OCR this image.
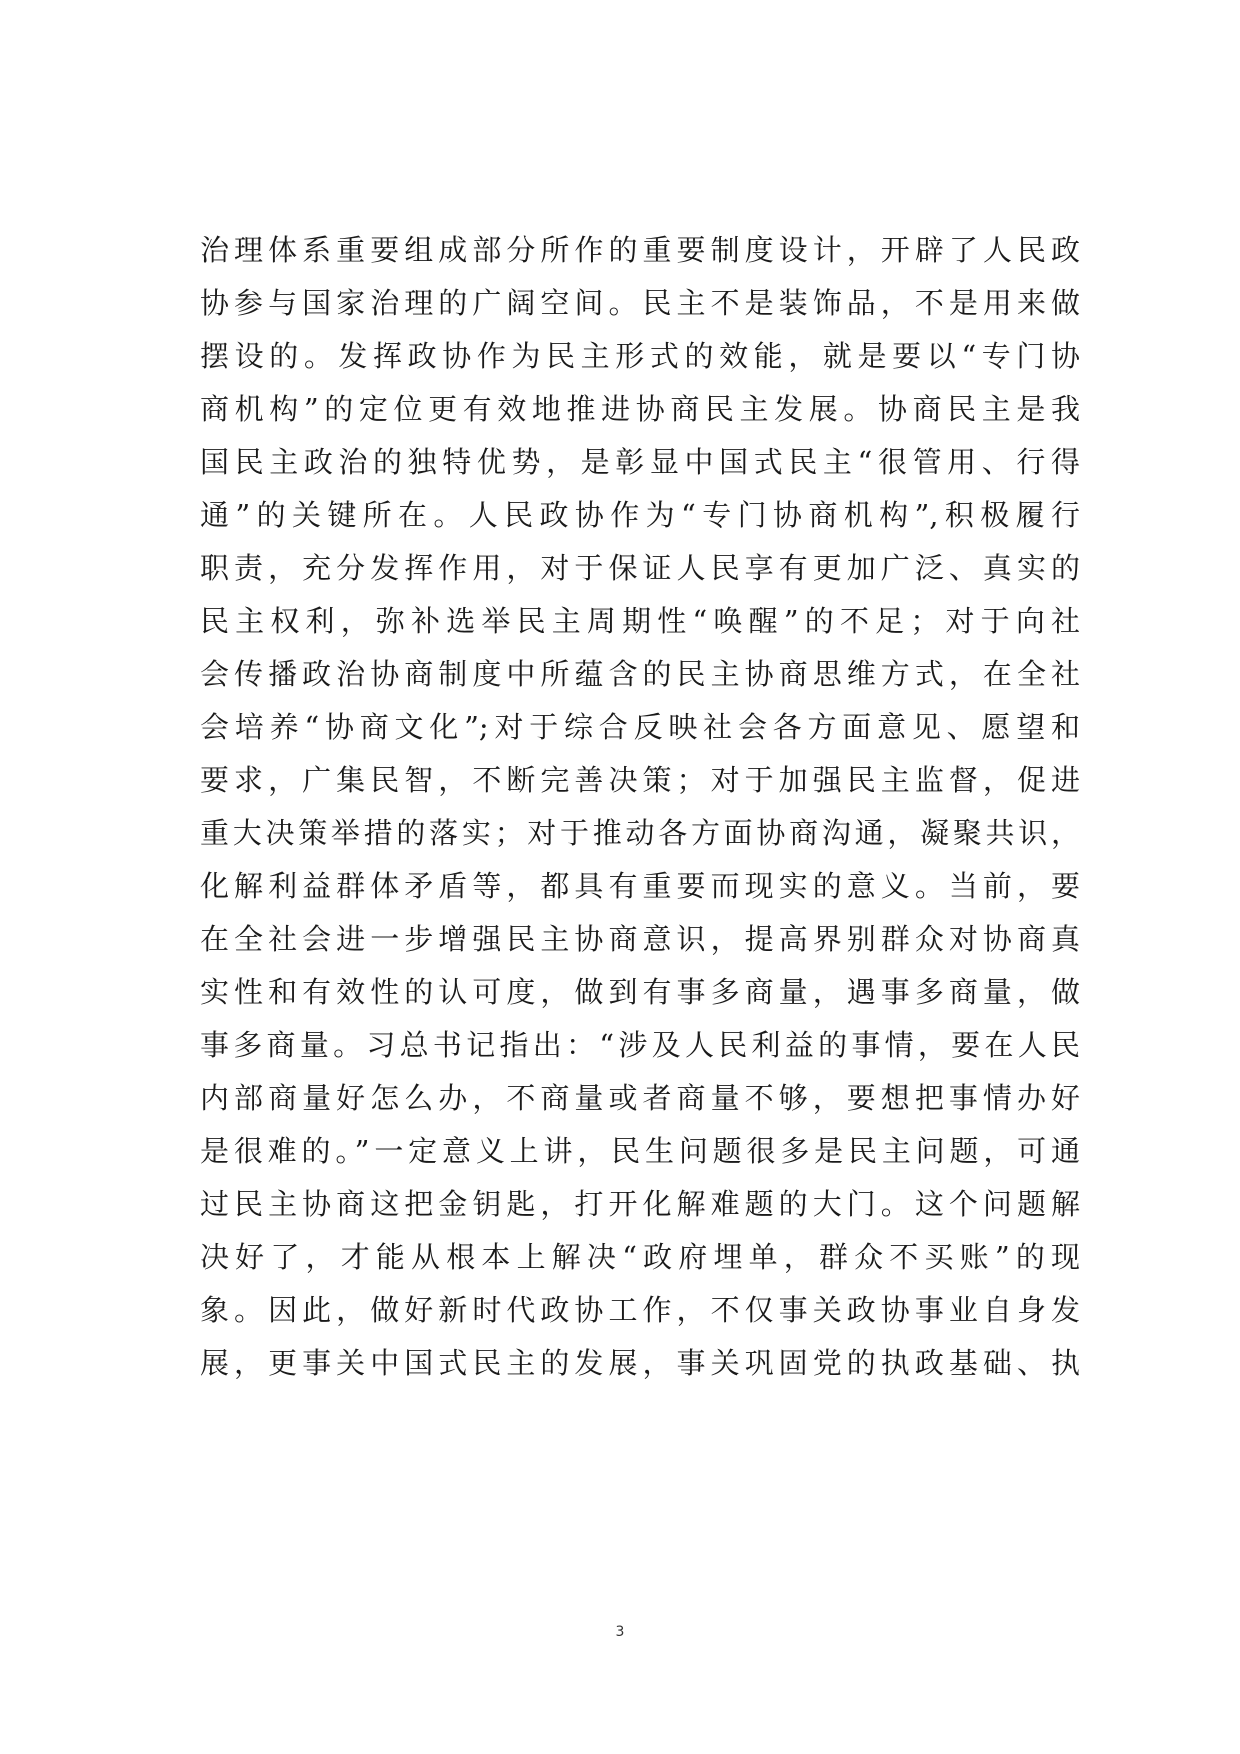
治理体系重要组成部分所作的重要制度设计，开辟了人民政
协参与国家治理的广阔空间。民主不是装饰品，不是用来做
摆设的。发挥政协作为民主形式的效能，就是要以“专门协
商机构”的定位更有效地推进协商民主发展。协商民主是我
国民主政治的独特优势，是彰显中国式民主“很管用、行得
通”的关键所在。人民政协作为“专门协商机构”,积极履行
职责，充分发挥作用，对于保证人民享有更加广泛、真实的
民主权利，弥补选举民主周期性“唤醒”的不足；对于向社
会传播政治协商制度中所蕴含的民主协商思维方式，在全社
会培养“协商文化”;对于综合反映社会各方面意见、愿望和
要求，广集民智，不断完善决策；对于加强民主监督，促进
重大决策举措的落实；对于推动各方面协商沟通，凝聚共识，
化解利益群体矛盾等，都具有重要而现实的意义。当前，要
在全社会进一步增强民主协商意识，提高界别群众对协商真
实性和有效性的认可度，做到有事多商量，遇事多商量，做
事多商量。习总书记指出：“涉及人民利益的事情，要在人民
内部商量好怎么办，不商量或者商量不够，要想把事情办好
是很难的。”一定意义上讲，民生问题很多是民主问题，可通
过民主协商这把金钥匙，打开化解难题的大门。这个问题解
决好了，才能从根本上解决“政府埋单，群众不买账”的现
象。因此，做好新时代政协工作，不仅事关政协事业自身发
展，更事关中国式民主的发展，事关巩固党的执政基础、执
3
